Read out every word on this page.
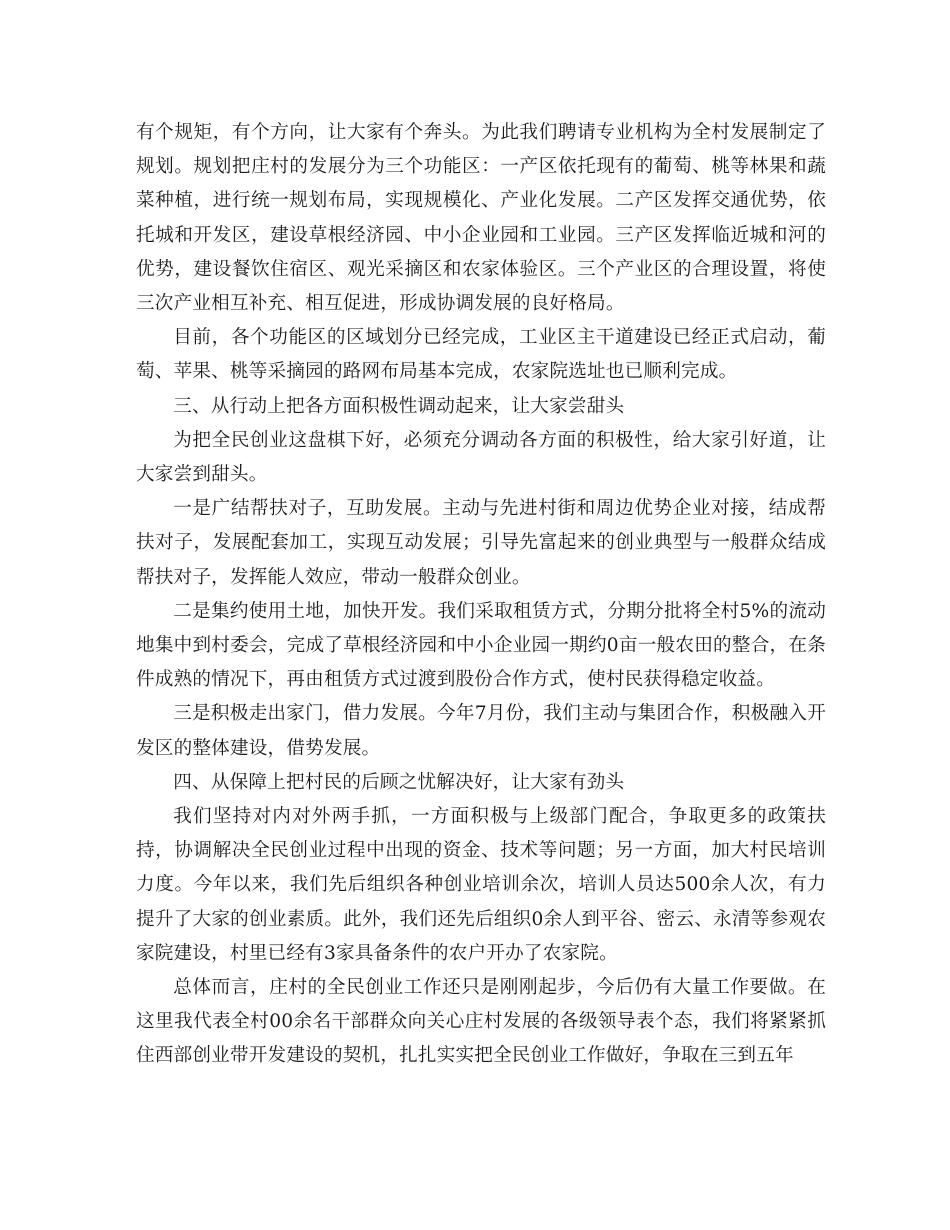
有个规矩，有个方向，让大家有个奔头。为此我们聘请专业机构为全村发展制定了规划。规划把庄村的发展分为三个功能区：一产区依托现有的葡萄、桃等林果和蔬菜种植，进行统一规划布局，实现规模化、产业化发展。二产区发挥交通优势，依托城和开发区，建设草根经济园、中小企业园和工业园。三产区发挥临近城和河的优势，建设餐饮住宿区、观光采摘区和农家体验区。三个产业区的合理设置，将使三次产业相互补充、相互促进，形成协调发展的良好格局。

目前，各个功能区的区域划分已经完成，工业区主干道建设已经正式启动，葡萄、苹果、桃等采摘园的路网布局基本完成，农家院选址也已顺利完成。

三、从行动上把各方面积极性调动起来，让大家尝甜头

为把全民创业这盘棋下好，必须充分调动各方面的积极性，给大家引好道，让大家尝到甜头。

一是广结帮扶对子，互助发展。主动与先进村街和周边优势企业对接，结成帮扶对子，发展配套加工，实现互动发展；引导先富起来的创业典型与一般群众结成帮扶对子，发挥能人效应，带动一般群众创业。

二是集约使用土地，加快开发。我们采取租赁方式，分期分批将全村5%的流动地集中到村委会，完成了草根经济园和中小企业园一期约0亩一般农田的整合，在条件成熟的情况下，再由租赁方式过渡到股份合作方式，使村民获得稳定收益。

三是积极走出家门，借力发展。今年7月份，我们主动与集团合作，积极融入开发区的整体建设，借势发展。

四、从保障上把村民的后顾之忧解决好，让大家有劲头

我们坚持对内对外两手抓，一方面积极与上级部门配合，争取更多的政策扶持，协调解决全民创业过程中出现的资金、技术等问题；另一方面，加大村民培训力度。今年以来，我们先后组织各种创业培训余次，培训人员达500余人次，有力提升了大家的创业素质。此外，我们还先后组织0余人到平谷、密云、永清等参观农家院建设，村里已经有3家具备条件的农户开办了农家院。

总体而言，庄村的全民创业工作还只是刚刚起步，今后仍有大量工作要做。在这里我代表全村00余名干部群众向关心庄村发展的各级领导表个态，我们将紧紧抓住西部创业带开发建设的契机，扎扎实实把全民创业工作做好，争取在三到五年
